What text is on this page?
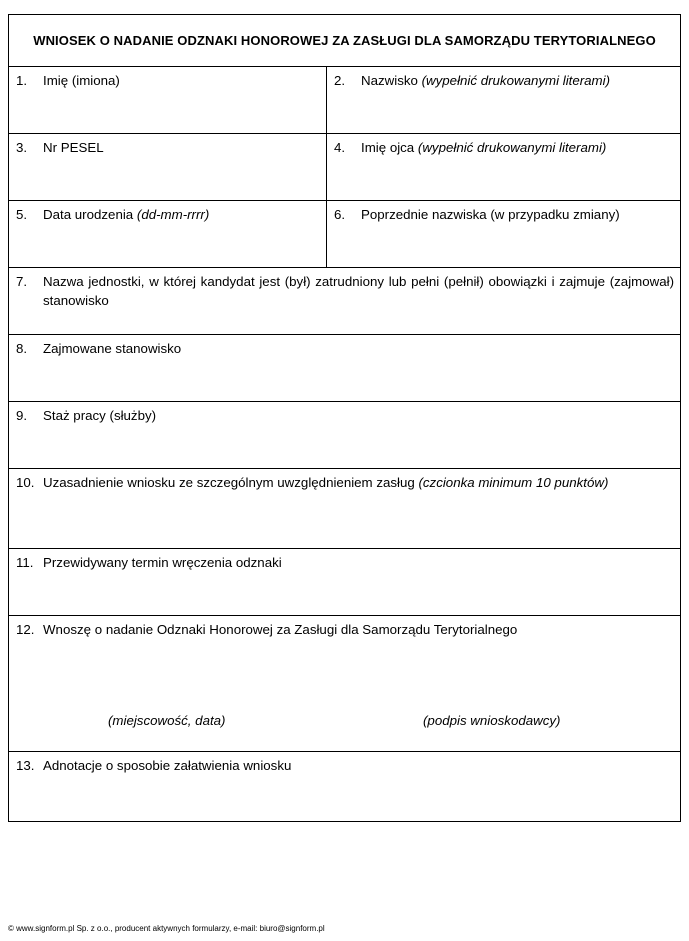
WNIOSEK O NADANIE ODZNAKI HONOROWEJ ZA ZASŁUGI DLA SAMORZĄDU TERYTORIALNEGO
1. Imię (imiona)	2. Nazwisko (wypełnić drukowanymi literami)
3. Nr PESEL	4. Imię ojca (wypełnić drukowanymi literami)
5. Data urodzenia (dd-mm-rrrr)	6. Poprzednie nazwiska (w przypadku zmiany)
7.	Nazwa jednostki, w której kandydat jest (był) zatrudniony lub pełni (pełnił) obowiązki i zajmuje (zajmował) stanowisko
8. Zajmowane stanowisko
9. Staż pracy (służby)
10. Uzasadnienie wniosku ze szczególnym uwzględnieniem zasług (czcionka minimum 10 punktów)
11. Przewidywany termin wręczenia odznaki
12. Wnoszę o nadanie Odznaki Honorowej za Zasługi dla Samorządu Terytorialnego
(miejscowość, data)	(podpis wnioskodawcy)
13. Adnotacje o sposobie załatwienia wniosku
© www.signform.pl Sp. z o.o., producent aktywnych formularzy, e-mail: biuro@signform.pl
